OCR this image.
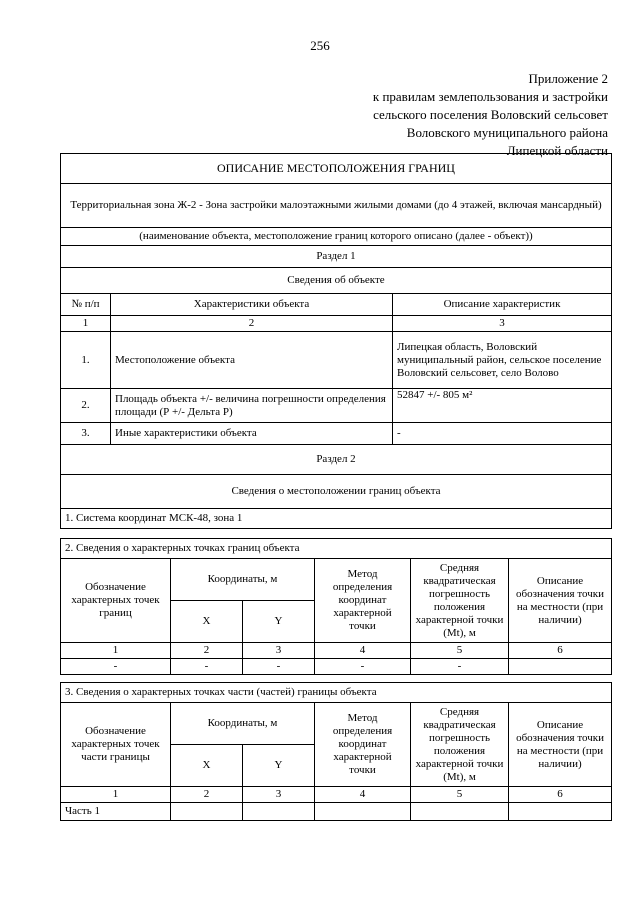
256
Приложение 2
к правилам землепользования и застройки
сельского поселения Воловский сельсовет
Воловского муниципального района
Липецкой области
ОПИСАНИЕ МЕСТОПОЛОЖЕНИЯ ГРАНИЦ		
Территориальная зона Ж-2 - Зона застройки малоэтажными жилыми домами (до 4 этажей, включая мансардный)		
(наименование объекта, местоположение границ которого описано (далее - объект))		
Раздел 1		
Сведения об объекте		
№ п/п	Характеристики объекта	Описание характеристик
1	2	3
1.	Местоположение объекта	Липецкая область, Воловский муниципальный район, сельское поселение Воловский сельсовет, село Волово
2.	Площадь объекта +/- величина погрешности определения площади (Р +/- Дельта Р)	52847 +/- 805 м²
3.	Иные характеристики объекта	-
Раздел 2		
Сведения о местоположении границ объекта		
1. Система координат МСК-48, зона 1		
2. Сведения о характерных точках границ объекта					
Обозначение характерных точек границ	Координаты, м		Метод определения координат характерной точки	Средняя квадратическая погрешность положения характерной точки (Mt), м	Описание обозначения точки на местности (при наличии)
	X	Y			
1	2	3	4	5	6
-	-	-	-	-	
3. Сведения о характерных точках части (частей) границы объекта					
Обозначение характерных точек части границы	Координаты, м		Метод определения координат характерной точки	Средняя квадратическая погрешность положения характерной точки (Mt), м	Описание обозначения точки на местности (при наличии)
	X	Y			
1	2	3	4	5	6
Часть 1					
